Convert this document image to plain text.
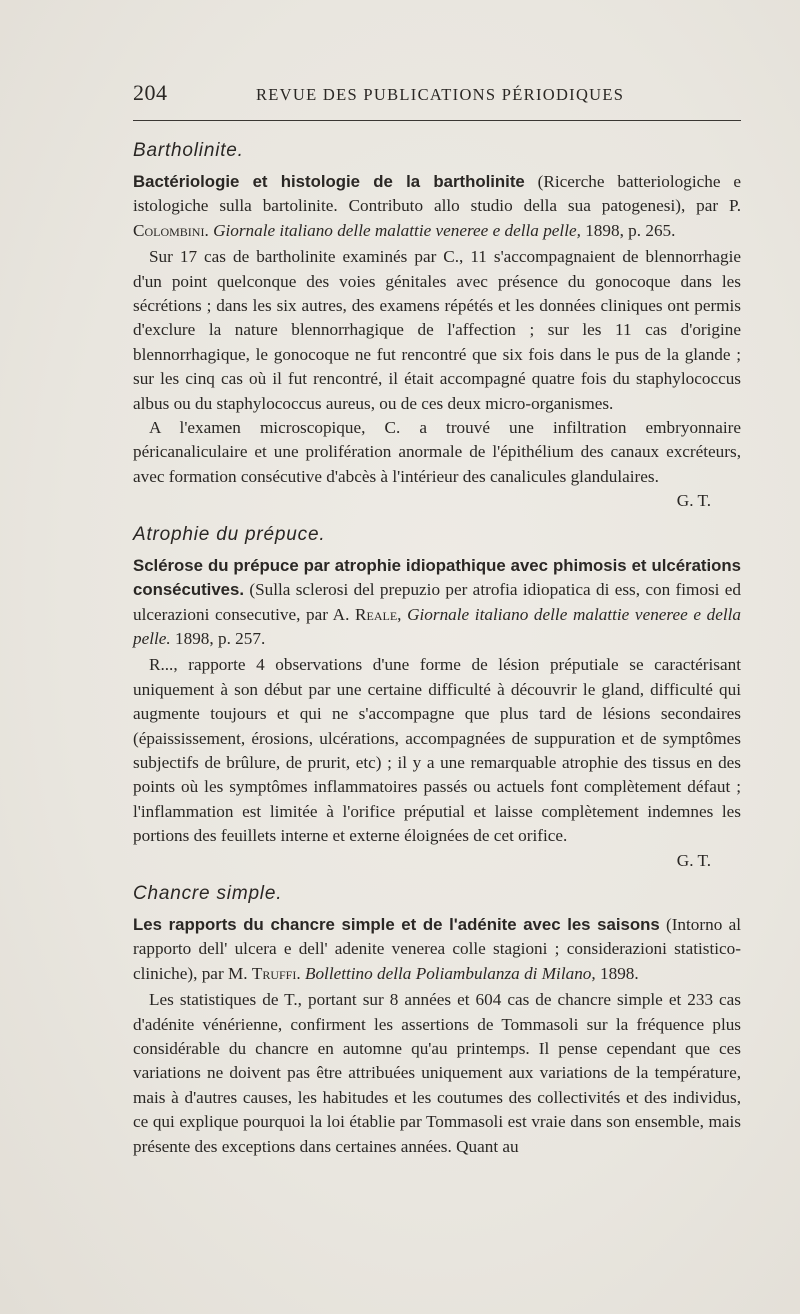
204	REVUE DES PUBLICATIONS PÉRIODIQUES
Bartholinite.

Bactériologie et histologie de la bartholinite (Ricerche batteriologiche e istologiche sulla bartolinite. Contributo allo studio della sua patogenesi), par P. Colombini. Giornale italiano delle malattie veneree e della pelle, 1898, p. 265.

Sur 17 cas de bartholinite examinés par C., 11 s'accompagnaient de blennorrhagie d'un point quelconque des voies génitales avec présence du gonocoque dans les sécrétions ; dans les six autres, des examens répétés et les données cliniques ont permis d'exclure la nature blennorrhagique de l'affection ; sur les 11 cas d'origine blennorrhagique, le gonocoque ne fut rencontré que six fois dans le pus de la glande ; sur les cinq cas où il fut rencontré, il était accompagné quatre fois du staphylococcus albus ou du staphylococcus aureus, ou de ces deux micro-organismes.

A l'examen microscopique, C. a trouvé une infiltration embryonnaire péricanaliculaire et une prolifération anormale de l'épithélium des canaux excréteurs, avec formation consécutive d'abcès à l'intérieur des canalicules glandulaires.

G. T.
Atrophie du prépuce.

Sclérose du prépuce par atrophie idiopathique avec phimosis et ulcérations consécutives. (Sulla sclerosi del prepuzio per atrofia idiopatica di ess, con fimosi ed ulcerazioni consecutive, par A. Reale, Giornale italiano delle malattie veneree e della pelle. 1898, p. 257.

R..., rapporte 4 observations d'une forme de lésion préputiale se caractérisant uniquement à son début par une certaine difficulté à découvrir le gland, difficulté qui augmente toujours et qui ne s'accompagne que plus tard de lésions secondaires (épaississement, érosions, ulcérations, accompagnées de suppuration et de symptômes subjectifs de brûlure, de prurit, etc) ; il y a une remarquable atrophie des tissus en des points où les symptômes inflammatoires passés ou actuels font complètement défaut ; l'inflammation est limitée à l'orifice préputial et laisse complètement indemnes les portions des feuillets interne et externe éloignées de cet orifice.

G. T.
Chancre simple.

Les rapports du chancre simple et de l'adénite avec les saisons (Intorno al rapporto dell' ulcera e dell' adenite venerea colle stagioni ; considerazioni statistico-cliniche), par M. Truffi. Bollettino della Poliambulanza di Milano, 1898.

Les statistiques de T., portant sur 8 années et 604 cas de chancre simple et 233 cas d'adénite vénérienne, confirment les assertions de Tommasoli sur la fréquence plus considérable du chancre en automne qu'au printemps. Il pense cependant que ces variations ne doivent pas être attribuées uniquement aux variations de la température, mais à d'autres causes, les habitudes et les coutumes des collectivités et des individus, ce qui explique pourquoi la loi établie par Tommasoli est vraie dans son ensemble, mais présente des exceptions dans certaines années. Quant au
